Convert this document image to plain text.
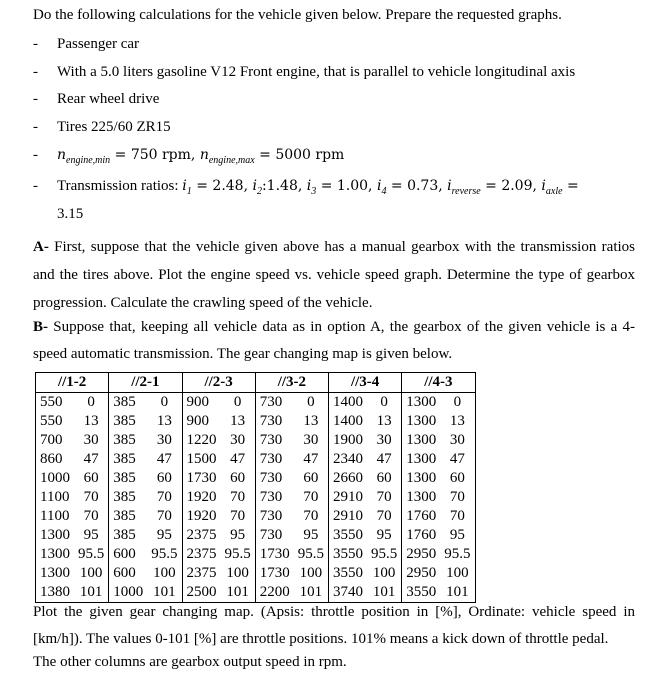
Do the following calculations for the vehicle given below. Prepare the requested graphs.
- Passenger car
- With a 5.0 liters gasoline V12 Front engine, that is parallel to vehicle longitudinal axis
- Rear wheel drive
- Tires 225/60 ZR15
- $n_{engine,min} = 750$ rpm, $n_{engine,max} = 5000$ rpm
- Transmission ratios: $i_1 = 2.48$, $i_2:1.48$, $i_3 = 1.00$, $i_4 = 0.73$, $i_{reverse} = 2.09$, $i_{axle}$ =
3.15
A- First, suppose that the vehicle given above has a manual gearbox with the transmission ratios and the tires above. Plot the engine speed vs. vehicle speed graph. Determine the type of gearbox progression. Calculate the crawling speed of the vehicle.
B- Suppose that, keeping all vehicle data as in option A, the gearbox of the given vehicle is a 4-speed automatic transmission. The gear changing map is given below.
//1-2		//2-1		//2-3		//3-2		//3-4		//4-3	
550	0	385	0	900	0	730	0	1400	0	1300	0
550	13	385	13	900	13	730	13	1400	13	1300	13
700	30	385	30	1220	30	730	30	1900	30	1300	30
860	47	385	47	1500	47	730	47	2340	47	1300	47
1000	60	385	60	1730	60	730	60	2660	60	1300	60
1100	70	385	70	1920	70	730	70	2910	70	1300	70
1100	70	385	70	1920	70	730	70	2910	70	1760	70
1300	95	385	95	2375	95	730	95	3550	95	1760	95
1300	95.5	600	95.5	2375	95.5	1730	95.5	3550	95.5	2950	95.5
1300	100	600	100	2375	100	1730	100	3550	100	2950	100
1380	101	1000	101	2500	101	2200	101	3740	101	3550	101
Plot the given gear changing map. (Apsis: throttle position in [%], Ordinate: vehicle speed in [km/h]). The values 0-101 [%] are throttle positions. 101% means a kick down of throttle pedal.
The other columns are gearbox output speed in rpm.
